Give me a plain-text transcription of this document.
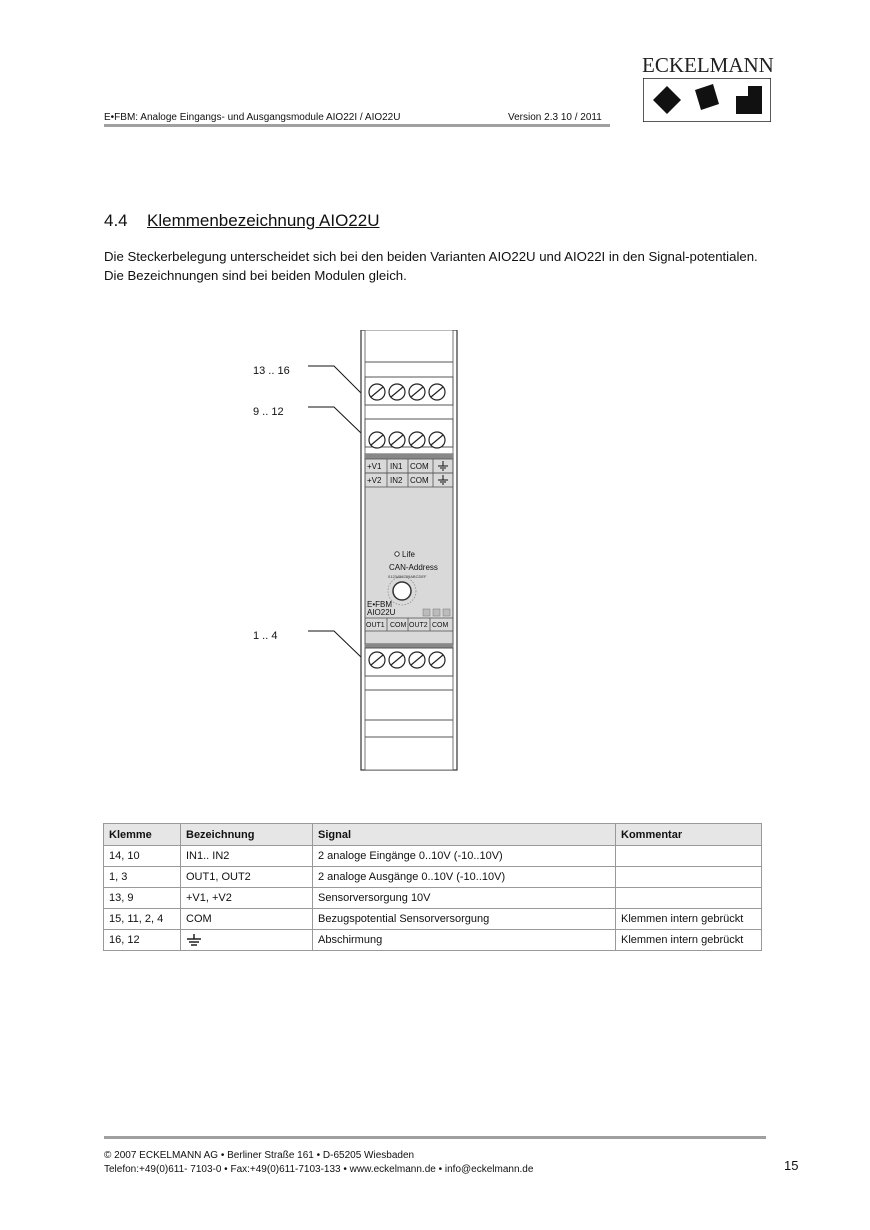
E•FBM: Analoge Eingangs- und Ausgangsmodule AIO22I / AIO22U	Version 2.3 10 / 2011
ECKELMANN
4.4 Klemmenbezeichnung AIO22U
Die Steckerbelegung unterscheidet sich bei den beiden Varianten AIO22U und AIO22I in den Signal-potentialen. Die Bezeichnungen sind bei beiden Modulen gleich.
13 .. 16
9 .. 12
1 .. 4
+V1 IN1 COM
+V2 IN2 COM
Life
CAN-Address
0123456789ABCDEF
E•FBM
AIO22U
OUT1 COM OUT2 COM
Klemme	Bezeichnung	Signal	Kommentar
14, 10	IN1.. IN2	2 analoge Eingänge 0..10V (-10..10V)	
1, 3	OUT1, OUT2	2 analoge Ausgänge 0..10V (-10..10V)	
13, 9	+V1, +V2	Sensorversorgung 10V	
15, 11, 2, 4	COM	Bezugspotential Sensorversorgung	Klemmen intern gebrückt
16, 12		Abschirmung	Klemmen intern gebrückt
© 2007 ECKELMANN AG • Berliner Straße 161 • D-65205 Wiesbaden
Telefon:+49(0)611- 7103-0 • Fax:+49(0)611-7103-133 • www.eckelmann.de • info@eckelmann.de	15
